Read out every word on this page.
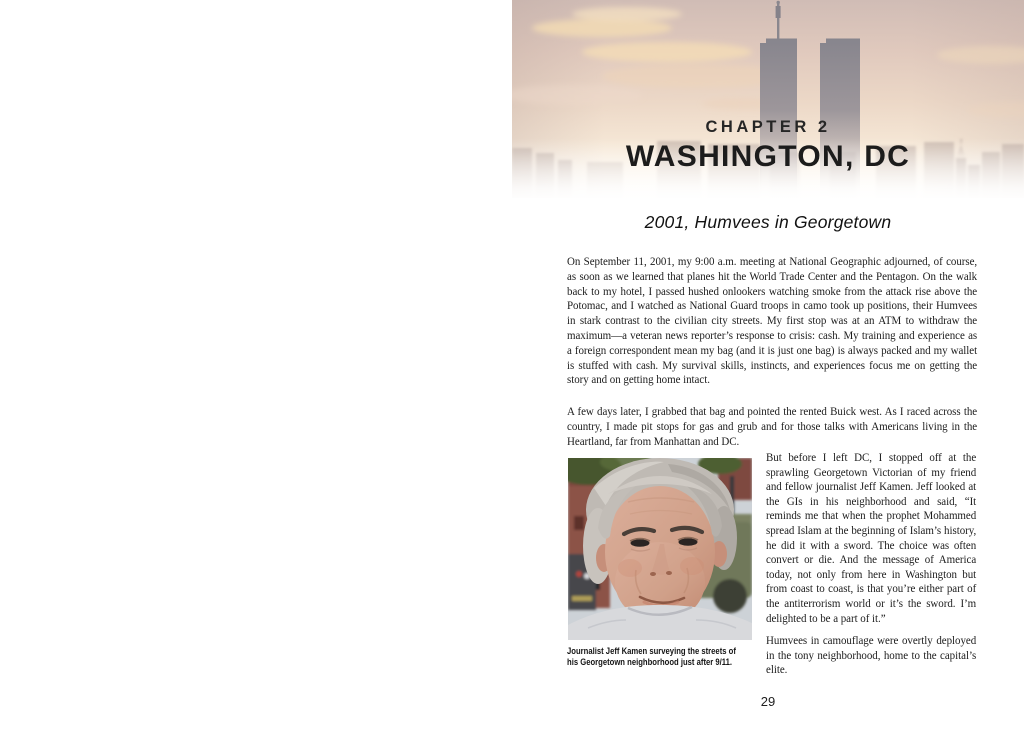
CHAPTER 2
WASHINGTON, DC
2001, Humvees in Georgetown
On September 11, 2001, my 9:00 a.m. meeting at National Geographic adjourned, of course, as soon as we learned that planes hit the World Trade Center and the Pentagon. On the walk back to my hotel, I passed hushed onlookers watching smoke from the attack rise above the Potomac, and I watched as National Guard troops in camo took up positions, their Humvees in stark contrast to the civilian city streets. My first stop was at an ATM to withdraw the maximum—a veteran news reporter’s response to crisis: cash. My training and experience as a foreign correspondent mean my bag (and it is just one bag) is always packed and my wallet is stuffed with cash. My survival skills, instincts, and experiences focus me on getting the story and on getting home intact.
A few days later, I grabbed that bag and pointed the rented Buick west. As I raced across the country, I made pit stops for gas and grub and for those talks with Americans living in the Heartland, far from Manhattan and DC.
Journalist Jeff Kamen surveying the streets of
his Georgetown neighborhood just after 9/11.
But before I left DC, I stopped off at the sprawling Georgetown Victorian of my friend and fellow journalist Jeff Kamen. Jeff looked at the GIs in his neighborhood and said, “It reminds me that when the prophet Mohammed spread Islam at the beginning of Islam’s history, he did it with a sword. The choice was often convert or die. And the message of America today, not only from here in Washington but from coast to coast, is that you’re either part of the antiterrorism world or it’s the sword. I’m delighted to be a part of it.”
Humvees in camouflage were overtly deployed in the tony neighborhood, home to the capital’s elite.
29
